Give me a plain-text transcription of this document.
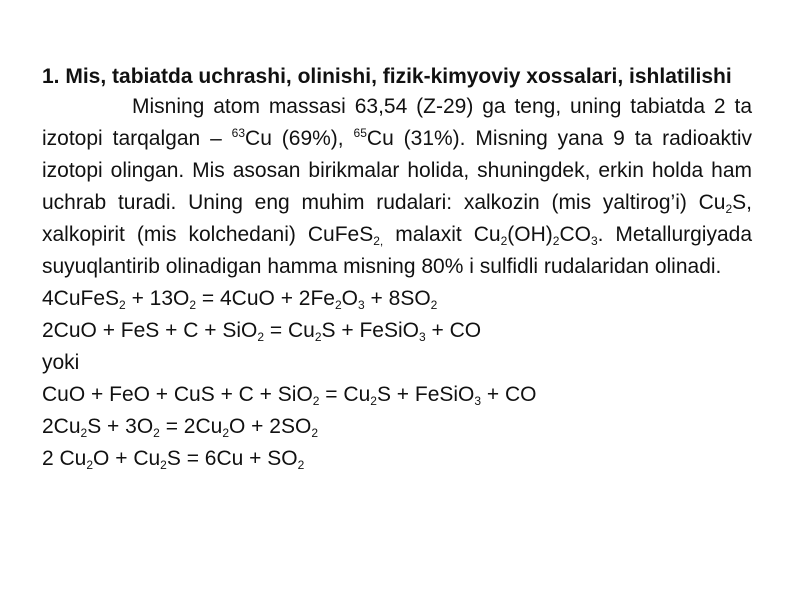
1. Mis, tabiatda uchrashi, olinishi, fizik-kimyoviy xossalari, ishlatilishi

Misning atom massasi 63,54 (Z-29) ga teng, uning tabiatda 2 ta izotopi tarqalgan – $^{63}$Cu (69%), $^{65}$Cu (31%). Misning yana 9 ta radioaktiv izotopi olingan. Mis asosan birikmalar holida, shuningdek, erkin holda ham uchrab turadi. Uning eng muhim rudalari: xalkozin (mis yaltirog’i) $Cu_2S$, xalkopirit (mis kolchedani) CuFeS$_{2,}$ malaxit $Cu_2(OH)_2CO_3$. Metallurgiyada suyuqlantirib olinadigan hamma misning 80% i sulfidli rudalaridan olinadi.

4CuFeS$_2$ + $13O_2 = 4CuO + 2Fe_2O_3 + 8SO_2$

2CuO + FeS + $C + SiO_2 = Cu_2S$ + FeSiO$_3$ + CO

yoki

CuO + FeO + CuS + $C + SiO_2 = Cu_2S$ + FeSiO$_3$ + CO

$2Cu_2S + 3O_2 = 2Cu_2O + 2SO_2$

2 $Cu_2O + Cu_2S = 6Cu + SO_2$
